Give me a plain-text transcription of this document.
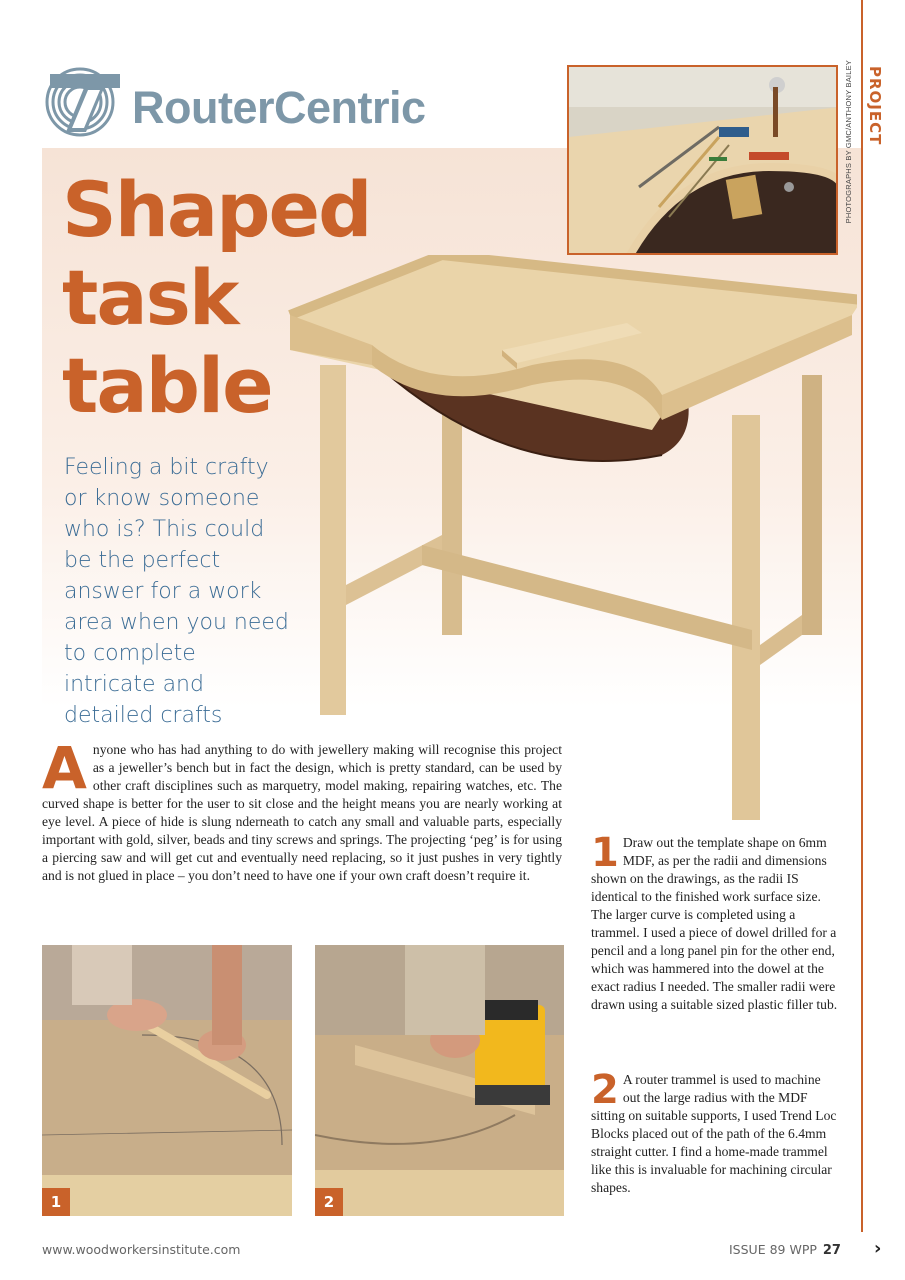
RouterCentric	PHOTOGRAPHS BY GMC/ANTHONY BAILEY PROJECT
Shaped
task
table
Feeling a bit crafty or know someone who is? This could be the perfect answer for a work area when you need to complete intricate and detailed crafts
A nyone who has had anything to do with jewellery making will recognise this project as a jeweller’s bench but in fact the design, which is pretty standard, can be used by other craft disciplines such as marquetry, model making, repairing watches, etc. The curved shape is better for the user to sit close and the height means you are nearly working at eye level. A piece of hide is slung nderneath to catch any small and valuable parts, especially important with gold, silver, beads and tiny screws and springs. The projecting ‘peg’ is for using a piercing saw and will get cut and eventually need replacing, so it just pushes in very tightly and is not glued in place – you don’t need to have one if your own craft doesn’t require it.	1 Draw out the template shape on 6mm MDF, as per the radii and dimensions shown on the drawings, as the radii IS identical to the finished work surface size. The larger curve is completed using a trammel. I used a piece of dowel drilled for a pencil and a long panel pin for the other end, which was hammered into the dowel at the exact radius I needed. The smaller radii were drawn using a suitable sized plastic filler tub.
2 A router trammel is used to machine out the large radius with the MDF sitting on suitable supports, I used Trend Loc Blocks placed out of the path of the 6.4mm straight cutter. I find a home-made trammel like this is invaluable for machining circular shapes.
1	2
www.woodworkersinstitute.com	ISSUE 89 WPP 27 ›
